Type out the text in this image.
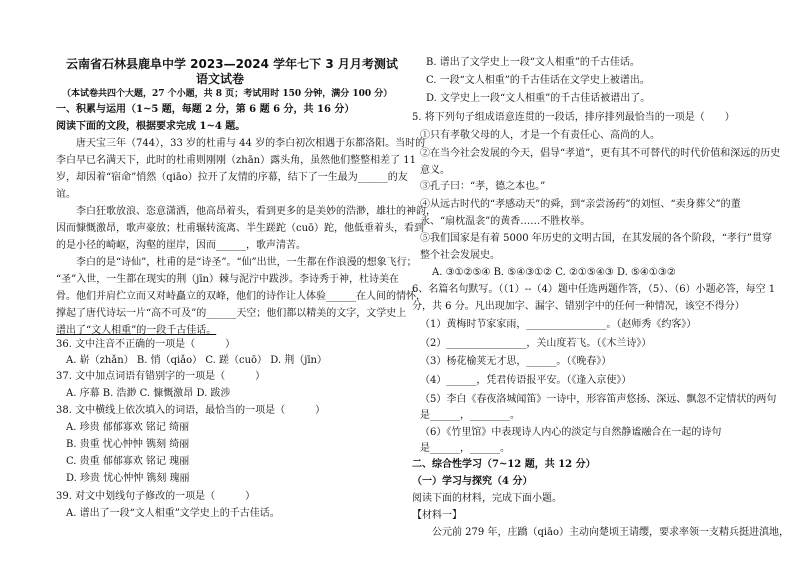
云南省石林县鹿阜中学 2023—2024 学年七下 3 月月考测试
语文试卷
（本试卷共四个大题，27 个小题，共 8 页；考试用时 150 分钟，满分 100 分）
一、积累与运用（1~5 题，每题 2 分，第 6 题 6 分，共 16 分）
阅读下面的文段，根据要求完成 1~4 题。
唐天宝三年（744），33 岁的杜甫与 44 岁的李白初次相遇于东都洛阳。当时的
李白早已名满天下，此时的杜甫则刚刚（zhān）露头角，虽然他们整整相差了 11
岁，却因着“宿命”悄然（qiāo）拉开了友情的序幕，结下了一生最为______的友
谊。
李白狂歌放浪、恣意潇洒，他高昂着头，看到更多的是美妙的浩渺，雄壮的神韵，
因而慷慨激昂，歌声豪放；杜甫辗转流离、半生蹉跎（cuō）跎，他低垂着头，看到
的是小径的崎岖，沟壑的崖岸，因而______，歌声清苦。
李白的是“诗仙”，杜甫的是“诗圣”。“仙”出世，一生都在作浪漫的想象飞行；
“圣”入世，一生都在现实的荆（jīn）棘与泥泞中跋涉。李诗秀于神，杜诗美在
骨。他们并肩伫立而又对峙矗立的双峰，他们的诗作让人体验______在人间的情怀，
撑起了唐代诗坛一片“高不可及”的______天空；他们都以精美的文字，文学史上
谱出了“文人相重”的一段千古佳话。
36. 文中注音不正确的一项是（　　　）
A. 崭（zhǎn） B. 悄（qiǎo） C. 蹉（cuō） D. 荆（jīn）
37. 文中加点词语有错别字的一项是（　　　）
A. 序幕 B. 浩渺 C. 慷慨激昂 D. 跋涉
38. 文中横线上依次填入的词语，最恰当的一项是（　　　）
A. 珍贵 郁郁寡欢 铭记 绮丽
B. 贵重 忧心忡忡 镌刻 绮丽
C. 贵重 郁郁寡欢 铭记 瑰丽
D. 珍贵 忧心忡忡 镌刻 瑰丽
39. 对文中划线句子修改的一项是（　　　）
A. 谱出了一段“文人相重”文学史上的千古佳话。
B. 谱出了文学史上一段“文人相重”的千古佳话。
C. 一段“文人相重”的千古佳话在文学史上被谱出。
D. 文学史上一段“文人相重”的千古佳话被谱出了。
5. 将下列句子组成语意连贯的一段话，排序排列最恰当的一项是（　　）
①只有孝敬父母的人，才是一个有责任心、高尚的人。
②在当今社会发展的今天，倡导“孝道”，更有其不可替代的时代价值和深远的历史
意义。
③孔子曰：“孝，德之本也。”
④从远古时代的“孝感动天”的舜，到“亲尝汤药”的刘恒、“卖身葬父”的董
永、“扇枕温衾”的黄香……不胜枚举。
⑤我们国家是有着 5000 年历史的文明古国，在其发展的各个阶段，“孝行”贯穿
整个社会发展史。
A. ③①②⑤④ B. ⑤④③①② C. ②①⑤④③ D. ⑤④①③②
6、名篇名句默写。（（1）--（4）题中任选两题作答，（5）、（6）小题必答，每空 1
分，共 6 分。凡出现加字、漏字、错别字中的任何一种情况，该空不得分）
（1）黄梅时节家家雨，________________。（赵师秀《约客》）
（2）________________，关山度若飞。（《木兰诗》）
（3）杨花榆荚无才思，______。（《晚春》）
（4）______，凭君传语报平安。（《逢入京使》）
（5）李白《春夜洛城闻笛》一诗中，形容笛声悠扬、深远、飘忽不定情状的两句
是______，________。
（6）《竹里馆》中表现诗人内心的淡定与自然静谧融合在一起的诗句
是______，______。
二、综合性学习（7~12 题，共 12 分）
（一）学习与探究（4 分）
阅读下面的材料，完成下面小题。
【材料一】
公元前 279 年，庄蹻（qiāo）主动向楚顷王请缨，要求率领一支精兵挺进滇地，
